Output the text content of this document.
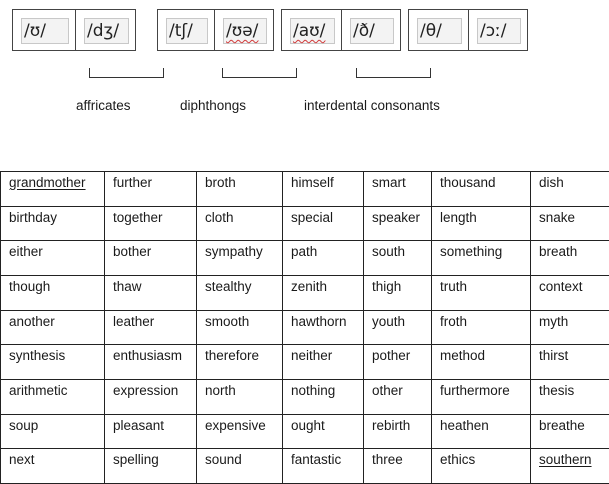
/ʊ/	/dʒ/	/tʃ/	/ʊə/	/aʊ/	/ð/	/θ/	/ɔː/
affricates	diphthongs	interdental consonants
grandmother	further	broth	himself	smart	thousand	dish
birthday	together	cloth	special	speaker	length	snake
either	bother	sympathy	path	south	something	breath
though	thaw	stealthy	zenith	thigh	truth	context
another	leather	smooth	hawthorn	youth	froth	myth
synthesis	enthusiasm	therefore	neither	pother	method	thirst
arithmetic	expression	north	nothing	other	furthermore	thesis
soup	pleasant	expensive	ought	rebirth	heathen	breathe
next	spelling	sound	fantastic	three	ethics	southern
